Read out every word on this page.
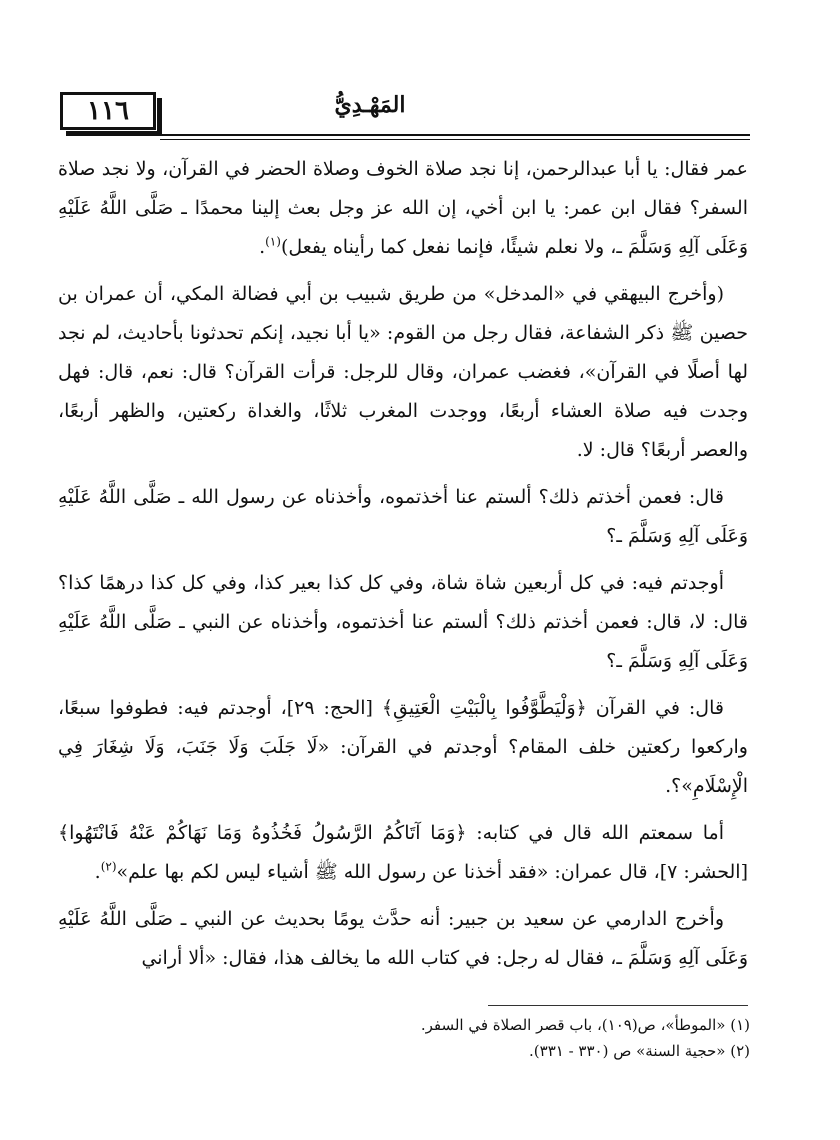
١١٦	المَهْـدِيُّ

عمر فقال: يا أبا عبدالرحمن، إنا نجد صلاة الخوف وصلاة الحضر في القرآن، ولا نجد صلاة السفر؟ فقال ابن عمر: يا ابن أخي، إن الله عز وجل بعث إلينا محمدًا ـ صَلَّى اللَّهُ عَلَيْهِ وَعَلَى آلِهِ وَسَلَّمَ ـ، ولا نعلم شيئًا، فإنما نفعل كما رأيناه يفعل)$^{(١)}$.

(وأخرج البيهقي في «المدخل» من طريق شبيب بن أبي فضالة المكي، أن عمران بن حصين ﷺ ذكر الشفاعة، فقال رجل من القوم: «يا أبا نجيد، إنكم تحدثونا بأحاديث، لم نجد لها أصلًا في القرآن»، فغضب عمران، وقال للرجل: قرأت القرآن؟ قال: نعم، قال: فهل وجدت فيه صلاة العشاء أربعًا، ووجدت المغرب ثلاثًا، والغداة ركعتين، والظهر أربعًا، والعصر أربعًا؟ قال: لا.

قال: فعمن أخذتم ذلك؟ ألستم عنا أخذتموه، وأخذناه عن رسول الله ـ صَلَّى اللَّهُ عَلَيْهِ وَعَلَى آلِهِ وَسَلَّمَ ـ؟

أوجدتم فيه: في كل أربعين شاة شاة، وفي كل كذا بعير كذا، وفي كل كذا درهمًا كذا؟ قال: لا، قال: فعمن أخذتم ذلك؟ ألستم عنا أخذتموه، وأخذناه عن النبي ـ صَلَّى اللَّهُ عَلَيْهِ وَعَلَى آلِهِ وَسَلَّمَ ـ؟

قال: في القرآن ﴿وَلْيَطَّوَّفُوا بِالْبَيْتِ الْعَتِيقِ﴾ [الحج: ٢٩]، أوجدتم فيه: فطوفوا سبعًا، واركعوا ركعتين خلف المقام؟ أوجدتم في القرآن: «لَا جَلَبَ وَلَا جَنَبَ، وَلَا شِغَارَ فِي الْإِسْلَامِ»؟.

أما سمعتم الله قال في كتابه: ﴿وَمَا آتَاكُمُ الرَّسُولُ فَخُذُوهُ وَمَا نَهَاكُمْ عَنْهُ فَانْتَهُوا﴾ [الحشر: ٧]، قال عمران: «فقد أخذنا عن رسول الله ﷺ أشياء ليس لكم بها علم»$^{(٢)}$.

وأخرج الدارمي عن سعيد بن جبير: أنه حدَّث يومًا بحديث عن النبي ـ صَلَّى اللَّهُ عَلَيْهِ وَعَلَى آلِهِ وَسَلَّمَ ـ، فقال له رجل: في كتاب الله ما يخالف هذا، فقال: «ألا أراني

(١) «الموطأ»، ص(١٠٩)، باب قصر الصلاة في السفر.

(٢) «حجية السنة» ص (٣٣٠ - ٣٣١).
